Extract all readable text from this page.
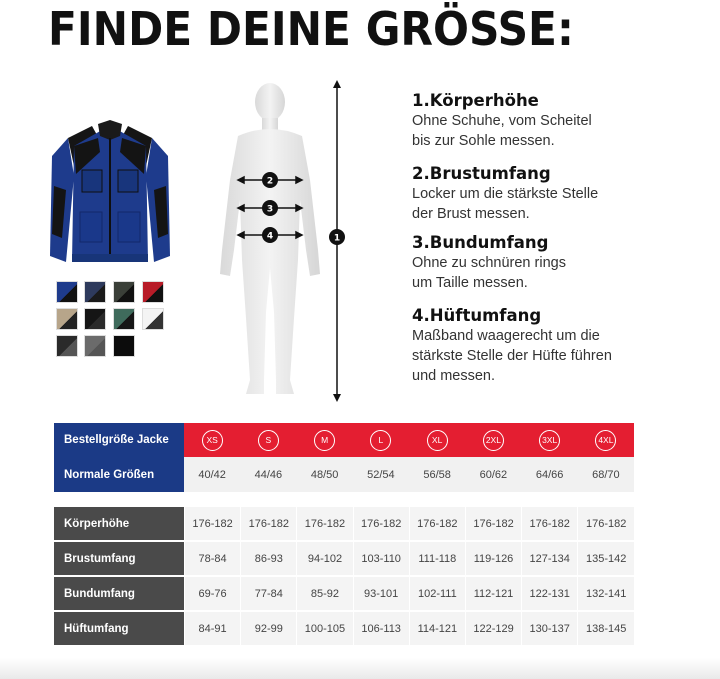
FINDE DEINE GRÖSSE:
2
3
4	1
1.Körperhöhe

Ohne Schuhe, vom Scheitel

bis zur Sohle messen.

2.Brustumfang

Locker um die stärkste Stelle

der Brust messen.

3.Bundumfang

Ohne zu schnüren rings

um Taille messen.

4.Hüftumfang

Maßband waagerecht um die

stärkste Stelle der Hüfte führen

und messen.

Bestellgröße Jacke	XS	S	M	L	XL	2XL	3XL	4XL
Normale Größen	40/42	44/46	48/50	52/54	56/58	60/62	64/66	68/70
Körperhöhe	176-182	176-182	176-182	176-182	176-182	176-182	176-182	176-182
Brustumfang	78-84	86-93	94-102	103-110	111-118	119-126	127-134	135-142
Bundumfang	69-76	77-84	85-92	93-101	102-111	112-121	122-131	132-141
Hüftumfang	84-91	92-99	100-105	106-113	114-121	122-129	130-137	138-145
